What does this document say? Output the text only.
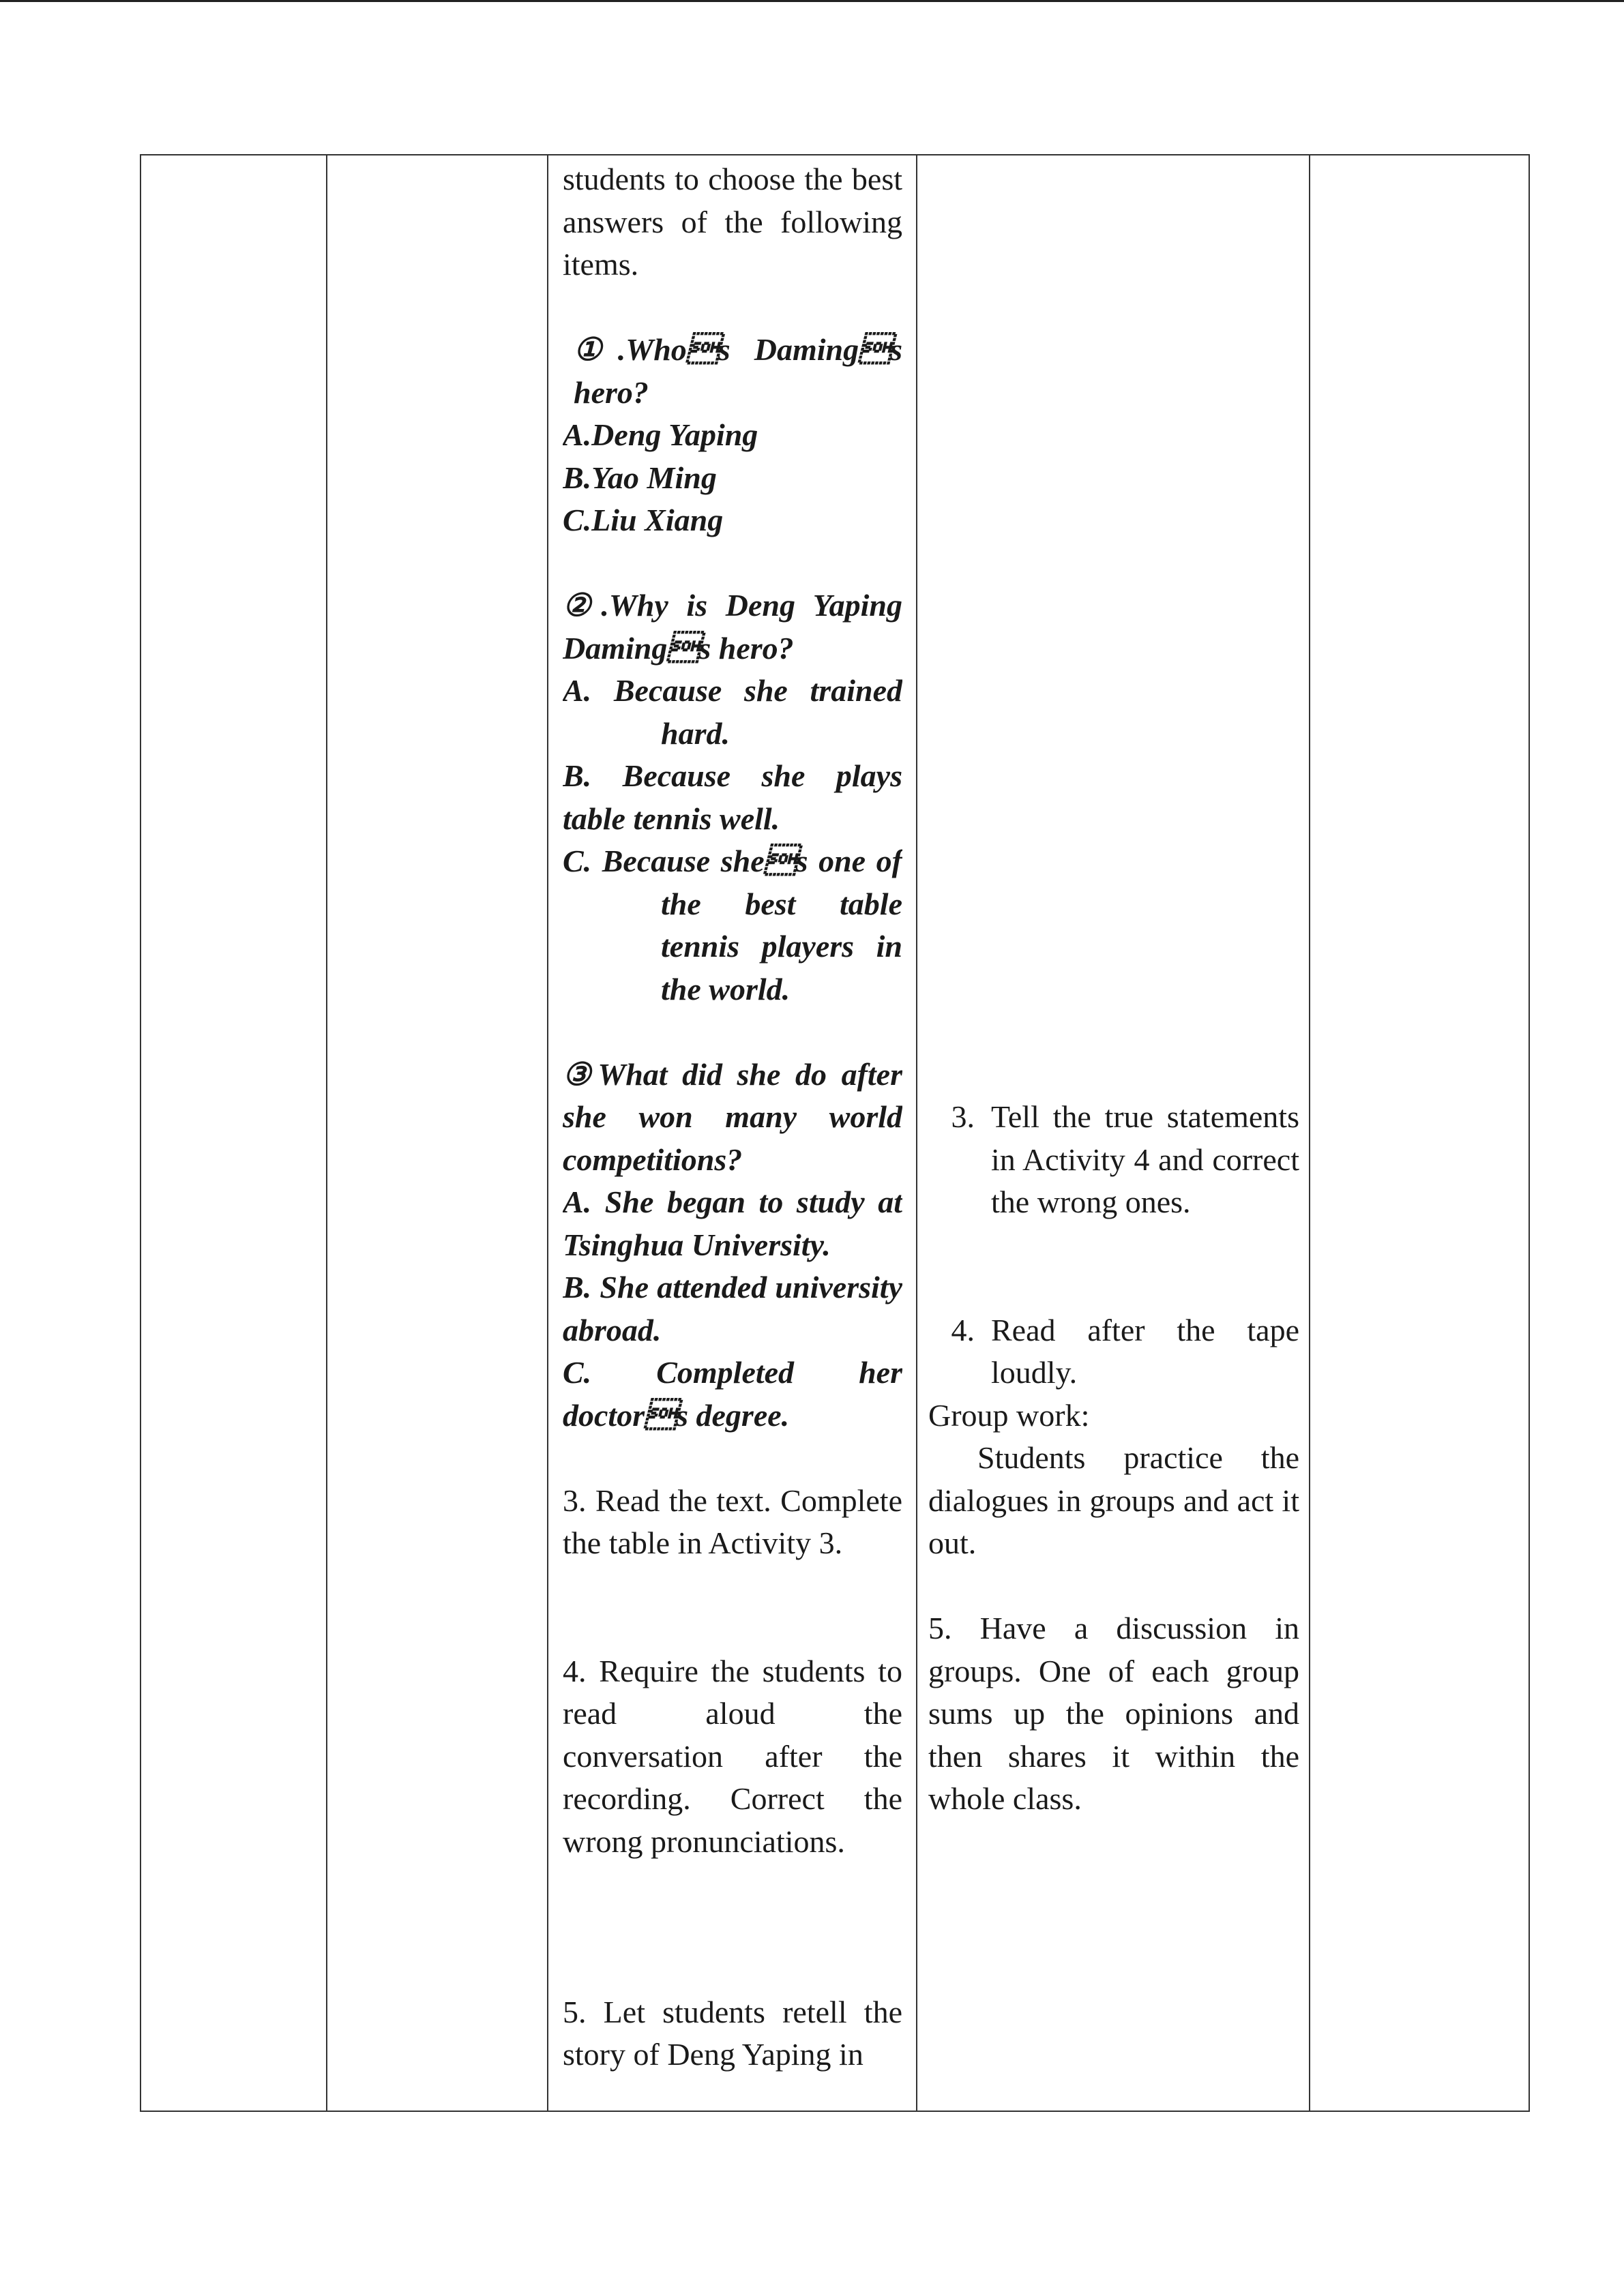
students to choose the best answers of the following items.

①.Whos Damings hero?

A.Deng Yaping

B.Yao Ming

C.Liu Xiang

②.Why is Deng Yaping Damings hero?

A. Because she trained hard.

B. Because she plays table tennis well.

C. Because shes one of the best table tennis players in the world.

③What did she do after she won many world competitions?

A. She began to study at Tsinghua University.

B. She attended university abroad.

C. Completed her doctors degree.

3. Read the text. Complete the table in Activity 3.

4. Require the students to read aloud the conversation after the recording. Correct the wrong pronunciations.

5. Let students retell the story of Deng Yaping in

3. Tell the true statements in Activity 4 and correct the wrong ones.

4. Read after the tape loudly.

Group work:

Students practice the dialogues in groups and act it out.

5. Have a discussion in groups. One of each group sums up the opinions and then shares it within the whole class.
